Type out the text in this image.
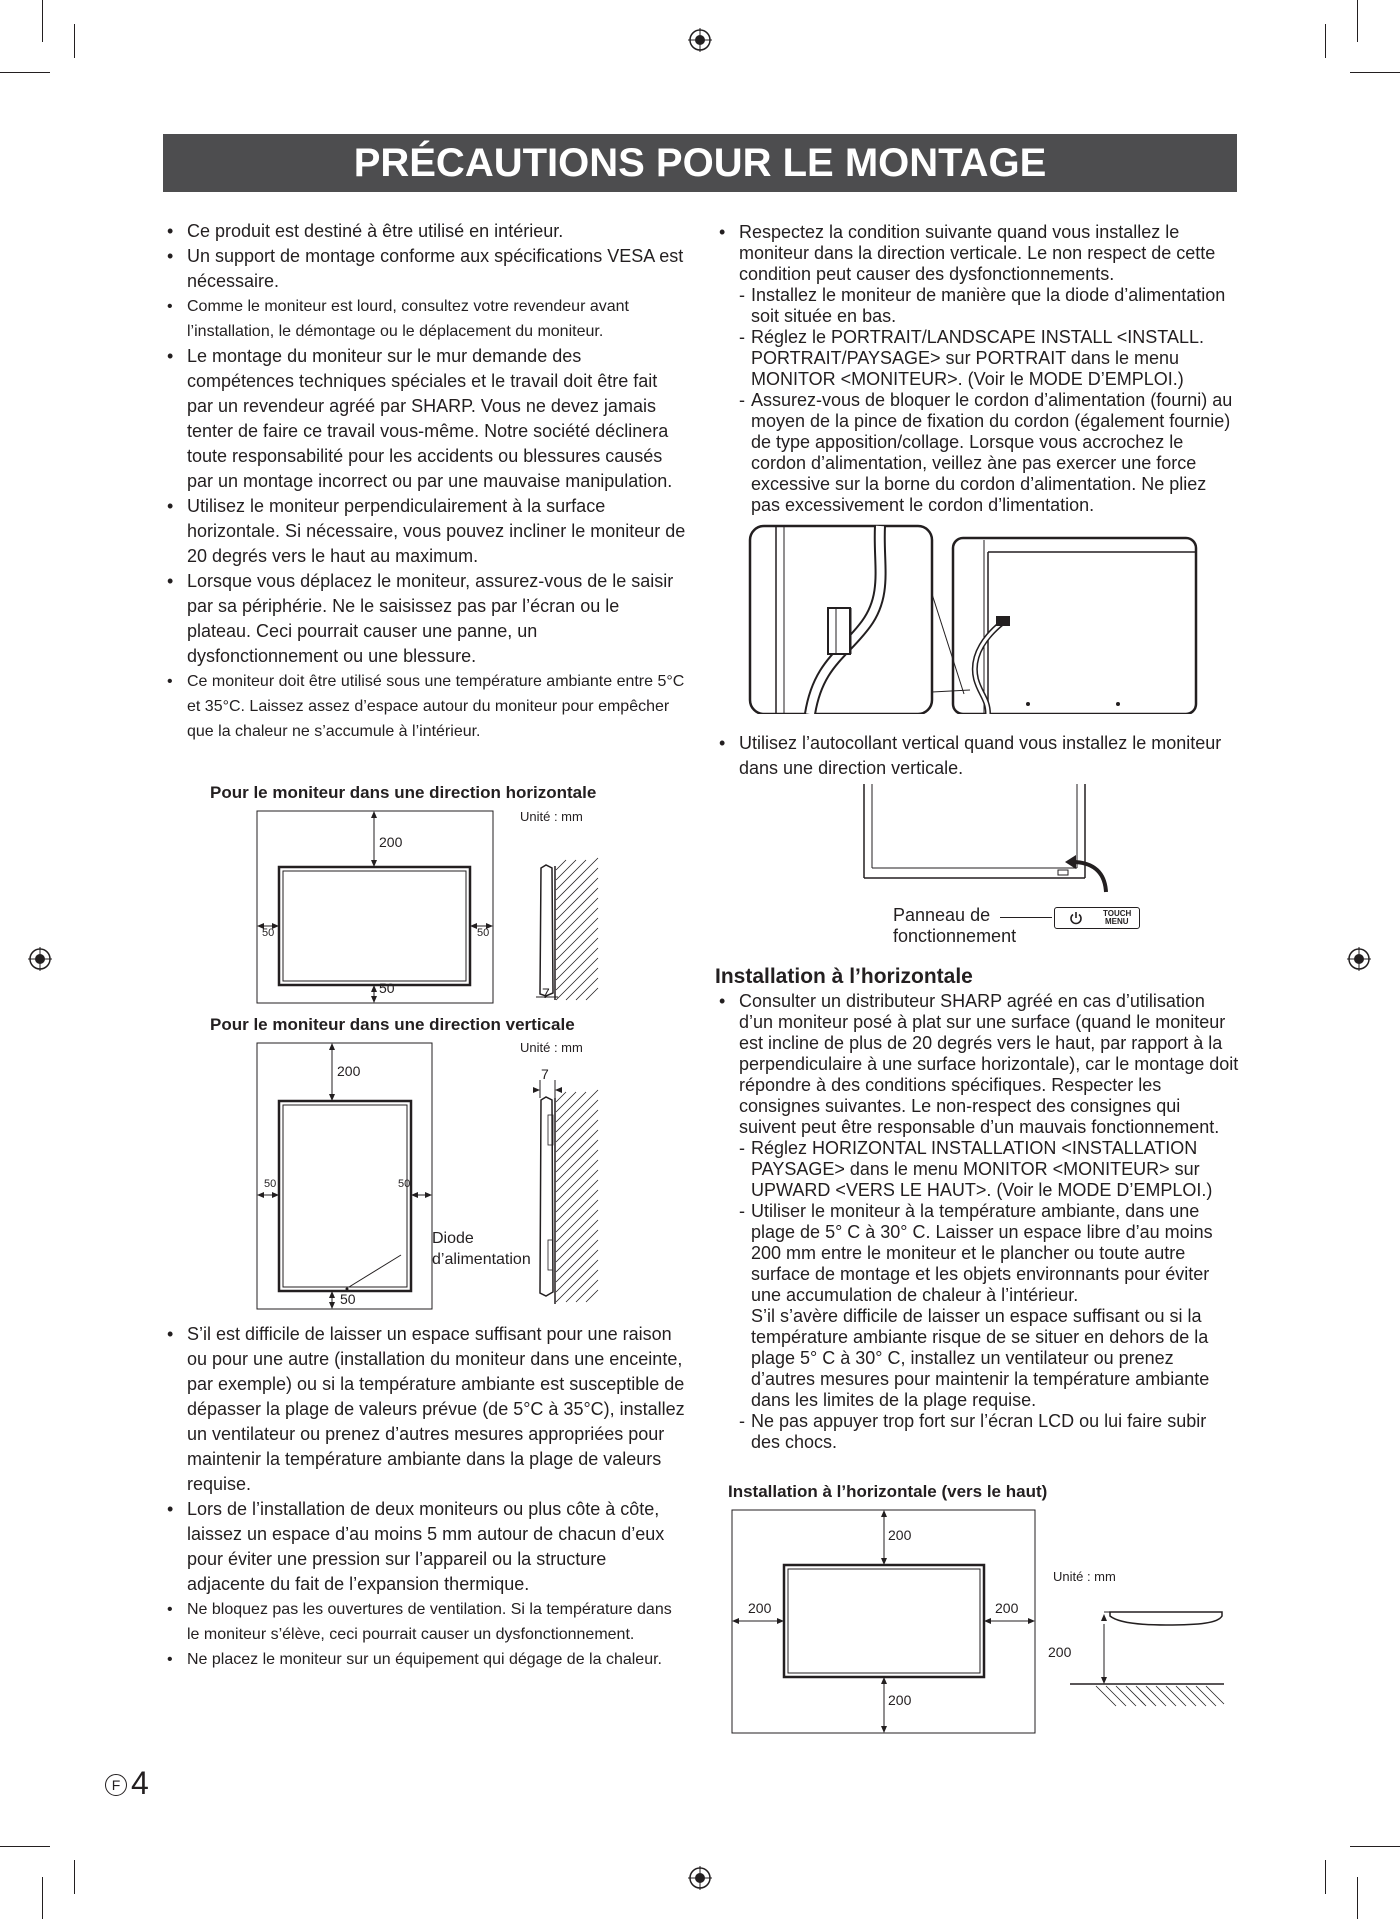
PRÉCAUTIONS POUR LE MONTAGE
• Ce produit est destiné à être utilisé en intérieur.
• Un support de montage conforme aux spécifications VESA est nécessaire.
• Comme le moniteur est lourd, consultez votre revendeur avant l’installation, le démontage ou le déplacement du moniteur.
• Le montage du moniteur sur le mur demande des compétences techniques spéciales et le travail doit être fait par un revendeur agréé par SHARP. Vous ne devez jamais tenter de faire ce travail vous-même. Notre société déclinera toute responsabilité pour les accidents ou blessures causés par un montage incorrect ou par une mauvaise manipulation.
• Utilisez le moniteur perpendiculairement à la surface horizontale. Si nécessaire, vous pouvez incliner le moniteur de 20 degrés vers le haut au maximum.
• Lorsque vous déplacez le moniteur, assurez-vous de le saisir par sa périphérie. Ne le saisissez pas par l’écran ou le plateau. Ceci pourrait causer une panne, un dysfonctionnement ou une blessure.
• Ce moniteur doit être utilisé sous une température ambiante entre 5°C et 35°C. Laissez assez d’espace autour du moniteur pour empêcher que la chaleur ne s’accumule à l’intérieur.
Pour le moniteur dans une direction horizontale
Unité : mm
200
50	50
50	7
Pour le moniteur dans une direction verticale
Unité : mm
200
50	50
50
7
Diode
d’alimentation
• S’il est difficile de laisser un espace suffisant pour une raison ou pour une autre (installation du moniteur dans une enceinte, par exemple) ou si la température ambiante est susceptible de dépasser la plage de valeurs prévue (de 5°C à 35°C), installez un ventilateur ou prenez d’autres mesures appropriées pour maintenir la température ambiante dans la plage de valeurs requise.
• Lors de l’installation de deux moniteurs ou plus côte à côte, laissez un espace d’au moins 5 mm autour de chacun d’eux pour éviter une pression sur l’appareil ou la structure adjacente du fait de l’expansion thermique.
• Ne bloquez pas les ouvertures de ventilation. Si la température dans le moniteur s’élève, ceci pourrait causer un dysfonctionnement.
• Ne placez le moniteur sur un équipement qui dégage de la chaleur.
• Respectez la condition suivante quand vous installez le moniteur dans la direction verticale. Le non respect de cette condition peut causer des dysfonctionnements.
- Installez le moniteur de manière que la diode d’alimentation soit située en bas.
- Réglez le PORTRAIT/LANDSCAPE INSTALL <INSTALL. PORTRAIT/PAYSAGE> sur PORTRAIT dans le menu MONITOR <MONITEUR>. (Voir le MODE D’EMPLOI.)
- Assurez-vous de bloquer le cordon d’alimentation (fourni) au moyen de la pince de fixation du cordon (également fournie) de type apposition/collage. Lorsque vous accrochez le cordon d’alimentation, veillez àne pas exercer une force excessive sur la borne du cordon d’alimentation. Ne pliez pas excessivement le cordon d’limentation.
• Utilisez l’autocollant vertical quand vous installez le moniteur dans une direction verticale.
Panneau de
fonctionnement
TOUCH
MENU
Installation à l’horizontale
• Consulter un distributeur SHARP agréé en cas d’utilisation d’un moniteur posé à plat sur une surface (quand le moniteur est incline de plus de 20 degrés vers le haut, par rapport à la perpendiculaire à une surface horizontale), car le montage doit répondre à des conditions spécifiques. Respecter les consignes suivantes. Le non-respect des consignes qui suivent peut être responsable d’un mauvais fonctionnement.
- Réglez HORIZONTAL INSTALLATION <INSTALLATION PAYSAGE> dans le menu MONITOR <MONITEUR> sur UPWARD <VERS LE HAUT>. (Voir le MODE D’EMPLOI.)
- Utiliser le moniteur à la température ambiante, dans une plage de 5° C à 30° C. Laisser un espace libre d’au moins 200 mm entre le moniteur et le plancher ou toute autre surface de montage et les objets environnants pour éviter une accumulation de chaleur à l’intérieur.
S’il s’avère difficile de laisser un espace suffisant ou si la température ambiante risque de se situer en dehors de la plage 5° C à 30° C, installez un ventilateur ou prenez d’autres mesures pour maintenir la température ambiante dans les limites de la plage requise.
- Ne pas appuyer trop fort sur l’écran LCD ou lui faire subir des chocs.
Installation à l’horizontale (vers le haut)
200
200	200
200
Unité : mm
200
F 4
